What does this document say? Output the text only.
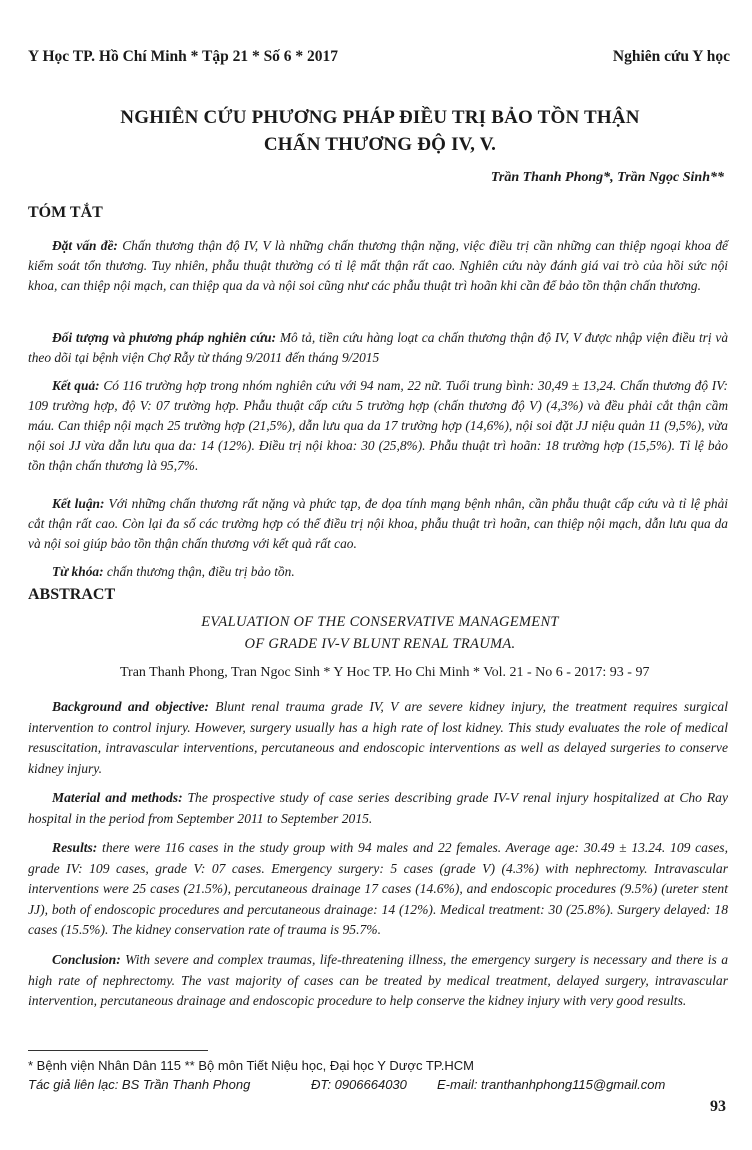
Y Học TP. Hồ Chí Minh * Tập 21 * Số 6 * 2017	Nghiên cứu Y học
NGHIÊN CỨU PHƯƠNG PHÁP ĐIỀU TRỊ BẢO TỒN THẬN
CHẤN THƯƠNG ĐỘ IV, V.
Trần Thanh Phong*, Trần Ngọc Sinh**
TÓM TẮT
Đặt vấn đề: Chấn thương thận độ IV, V là những chấn thương thận nặng, việc điều trị cần những can thiệp ngoại khoa để kiểm soát tổn thương. Tuy nhiên, phẫu thuật thường có tỉ lệ mất thận rất cao. Nghiên cứu này đánh giá vai trò của hồi sức nội khoa, can thiệp nội mạch, can thiệp qua da và nội soi cũng như các phẫu thuật trì hoãn khi cần để bảo tồn thận chấn thương.
Đối tượng và phương pháp nghiên cứu: Mô tả, tiền cứu hàng loạt ca chấn thương thận độ IV, V được nhập viện điều trị và theo dõi tại bệnh viện Chợ Rẫy từ tháng 9/2011 đến tháng 9/2015
Kết quả: Có 116 trường hợp trong nhóm nghiên cứu với 94 nam, 22 nữ. Tuổi trung bình: 30,49 ± 13,24. Chấn thương độ IV: 109 trường hợp, độ V: 07 trường hợp. Phẫu thuật cấp cứu 5 trường hợp (chấn thương độ V) (4,3%) và đều phải cắt thận cầm máu. Can thiệp nội mạch 25 trường hợp (21,5%), dẫn lưu qua da 17 trường hợp (14,6%), nội soi đặt JJ niệu quản 11 (9,5%), vừa nội soi JJ vừa dẫn lưu qua da: 14 (12%). Điều trị nội khoa: 30 (25,8%). Phẫu thuật trì hoãn: 18 trường hợp (15,5%). Tỉ lệ bảo tồn thận chấn thương là 95,7%.
Kết luận: Với những chấn thương rất nặng và phức tạp, đe dọa tính mạng bệnh nhân, cần phẫu thuật cấp cứu và tỉ lệ phải cắt thận rất cao. Còn lại đa số các trường hợp có thể điều trị nội khoa, phẫu thuật trì hoãn, can thiệp nội mạch, dẫn lưu qua da và nội soi giúp bảo tồn thận chấn thương với kết quả rất cao.
Từ khóa: chấn thương thận, điều trị bảo tồn.
ABSTRACT
EVALUATION OF THE CONSERVATIVE MANAGEMENT
OF GRADE IV-V BLUNT RENAL TRAUMA.
Tran Thanh Phong, Tran Ngoc Sinh * Y Hoc TP. Ho Chi Minh * Vol. 21 - No 6 - 2017: 93 - 97
Background and objective: Blunt renal trauma grade IV, V are severe kidney injury, the treatment requires surgical intervention to control injury. However, surgery usually has a high rate of lost kidney. This study evaluates the role of medical resuscitation, intravascular interventions, percutaneous and endoscopic interventions as well as delayed surgeries to conserve kidney injury.
Material and methods: The prospective study of case series describing grade IV-V renal injury hospitalized at Cho Ray hospital in the period from September 2011 to September 2015.
Results: there were 116 cases in the study group with 94 males and 22 females. Average age: 30.49 ± 13.24. 109 cases, grade IV: 109 cases, grade V: 07 cases. Emergency surgery: 5 cases (grade V) (4.3%) with nephrectomy. Intravascular interventions were 25 cases (21.5%), percutaneous drainage 17 cases (14.6%), and endoscopic procedures (9.5%) (ureter stent JJ), both of endoscopic procedures and percutaneous drainage: 14 (12%). Medical treatment: 30 (25.8%). Surgery delayed: 18 cases (15.5%). The kidney conservation rate of trauma is 95.7%.
Conclusion: With severe and complex traumas, life-threatening illness, the emergency surgery is necessary and there is a high rate of nephrectomy. The vast majority of cases can be treated by medical treatment, delayed surgery, intravascular intervention, percutaneous drainage and endoscopic procedure to help conserve the kidney injury with very good results.
* Bệnh viện Nhân Dân 115 ** Bộ môn Tiết Niệu học, Đại học Y Dược TP.HCM
Tác giả liên lạc: BS Trần Thanh Phong	ĐT: 0906664030 E-mail: tranthanhphong115@gmail.com
93
